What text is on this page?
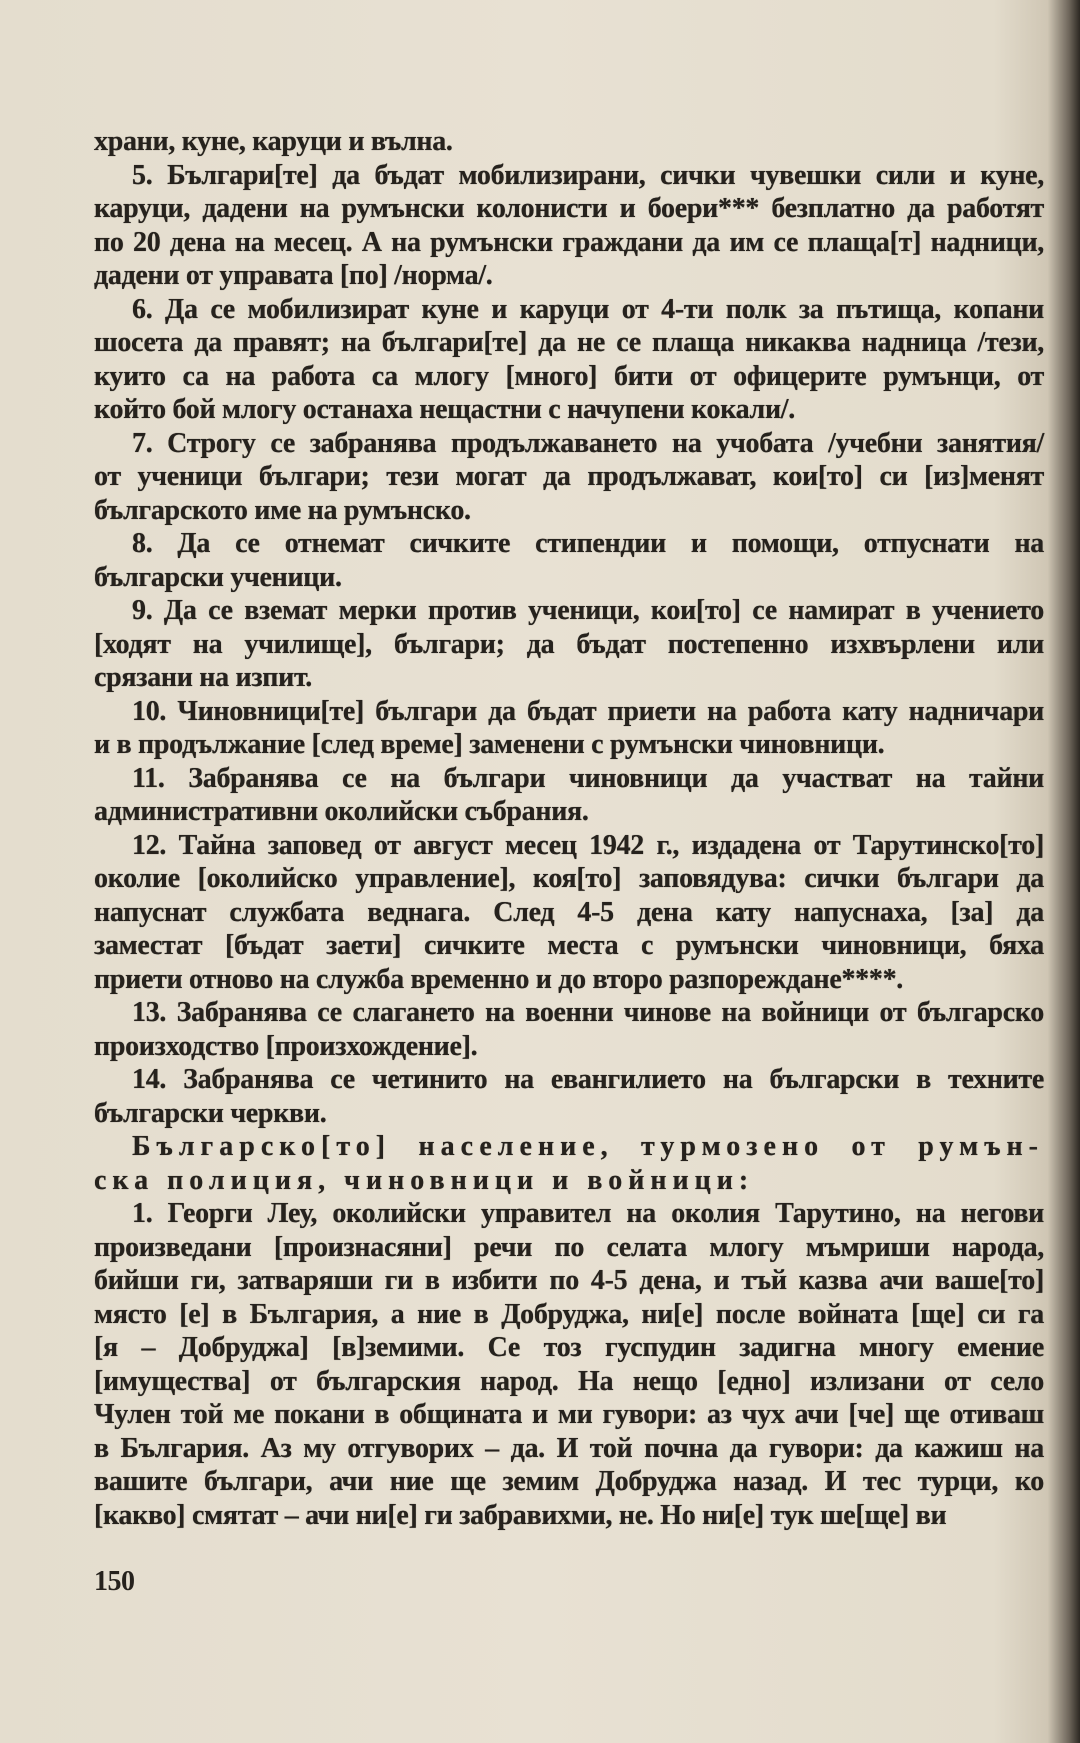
храни, куне, каруци и вълна.
5. Българи[те] да бъдат мобилизирани, сички чувешки сили и куне,
каруци, дадени на румънски колонисти и боери*** безплатно да работят
по 20 дена на месец. А на румънски граждани да им се плаща[т] надници,
дадени от управата [по] /норма/.
6. Да се мобилизират куне и каруци от 4-ти полк за пътища, копани
шосета да правят; на българи[те] да не се плаща никаква надница /тези,
куито са на работа са млогу [много] бити от офицерите румънци, от
който бой млогу останаха нещастни с начупени кокали/.
7. Строгу се забранява продължаването на учобата /учебни занятия/
от ученици българи; тези могат да продължават, кои[то] си [из]менят
българското име на румънско.
8. Да се отнемат сичките стипендии и помощи, отпуснати на
български ученици.
9. Да се вземат мерки против ученици, кои[то] се намират в учението
[ходят на училище], българи; да бъдат постепенно изхвърлени или
срязани на изпит.
10. Чиновници[те] българи да бъдат приети на работа кату надничари
и в продължание [след време] заменени с румънски чиновници.
11. Забранява се на българи чиновници да участват на тайни
административни околийски събрания.
12. Тайна заповед от август месец 1942 г., издадена от Тарутинско[то]
околие [околийско управление], коя[то] заповядува: сички българи да
напуснат службата веднага. След 4-5 дена кату напуснаха, [за] да
заместат [бъдат заети] сичките места с румънски чиновници, бяха
приети отново на служба временно и до второ разпореждане****.
13. Забранява се слагането на военни чинове на войници от българско
произходство [произхождение].
14. Забранява се четинито на евангилието на български в техните
български черкви.
Българско[то] население, турмозено от румън-
ска полиция, чиновници и войници:
1. Георги Леу, околийски управител на околия Тарутино, на негови
произведани [произнасяни] речи по селата млогу мъмриши народа,
бийши ги, затваряши ги в избити по 4-5 дена, и тъй казва ачи ваше[то]
място [е] в България, а ние в Добруджа, ни[е] после войната [ще] си га
[я – Добруджа] [в]земими. Се тоз гуспудин задигна многу емение
[имущества] от българския народ. На нещо [едно] излизани от село
Чулен той ме покани в общината и ми гувори: аз чух ачи [че] ще отиваш
в България. Аз му отгуворих – да. И той почна да гувори: да кажиш на
вашите българи, ачи ние ще земим Добруджа назад. И тес турци, ко
[какво] смятат – ачи ни[е] ги забравихми, не. Но ни[е] тук ше[ще] ви
150
